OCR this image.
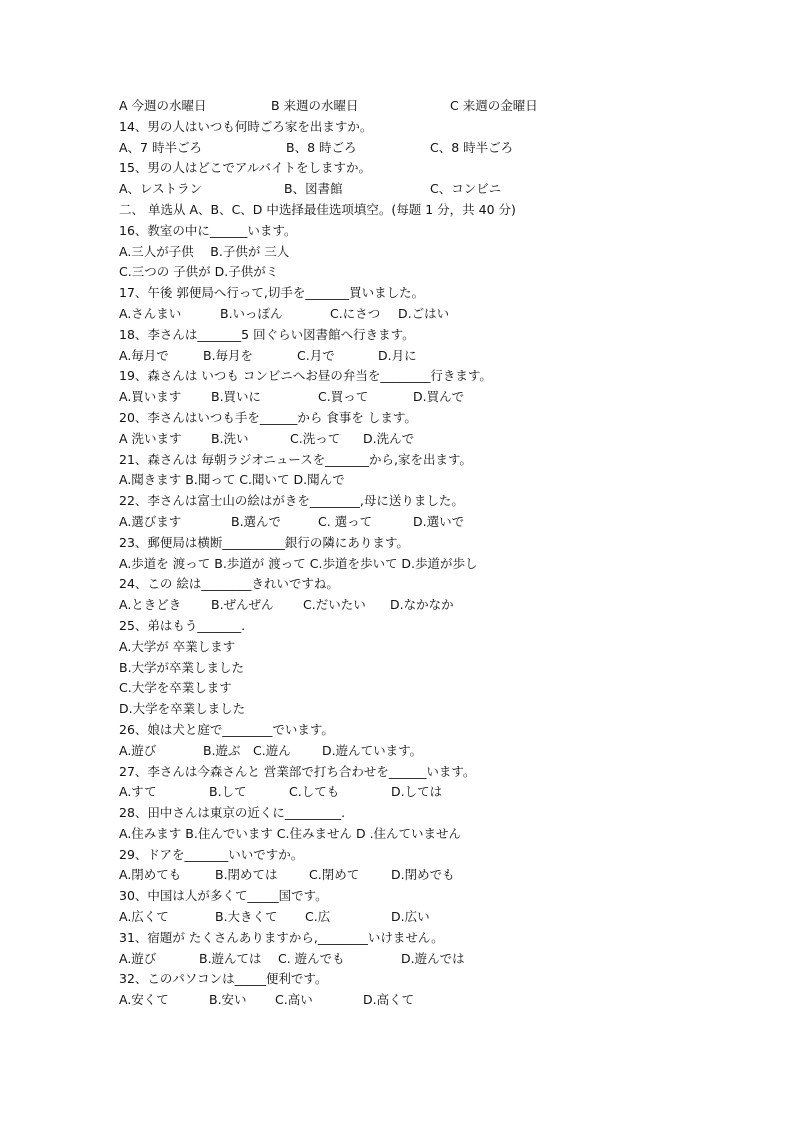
A 今週の水曜日	B 来週の水曜日	C 来週の金曜日
14、男の人はいつも何時ごろ家を出ますか。
A、7 時半ごろ	B、8 時ごろ	C、8 時半ごろ
15、男の人はどこでアルバイトをしますか。
A、レストラン	B、図書館	C、コンビニ
二、 单选从 A、B、C、D 中选择最佳选项填空。(每题 1 分，共 40 分)
16、教室の中に______います。
A.三人が子供　 B.子供が 三人
C.三つの 子供が D.子供がミ
17、午後 郭便局へ行って,切手を_______買いました。
A.さんまい	B.いっぽん	C.にさつ D.ごはい
18、李さんは_______5 回ぐらい図書館へ行きます。
A.毎月で	B.毎月を	C.月で	D.月に
19、森さんは いつも コンビニへお昼の弁当を________行きます。
A.買います B.買いに	C.買って	D.買んで
20、李さんはいつも手を______から 食事を します。
A 洗います B.洗い	C.洗って D.洗んで
21、森さんは 毎朝ラジオニュースを_______から,家を出ます。
A.聞きます B.聞って C.聞いて D.聞んで
22、李さんは富士山の絵はがきを________,母に送りました。
A.選びます	B.選んで	C. 選って	D.選いで
23、郵便局は横断__________銀行の隣にあります。
A.歩道を 渡って B.歩道が 渡って C.歩道を歩いて D.歩道が歩し
24、この 絵は________きれいですね。
A.ときどき B.ぜんぜん C.だいたい D.なかなか
25、弟はもう_______.
A.大学が 卒業します
B.大学が卒業しました
C.大学を卒業します
D.大学を卒業しました
26、娘は犬と庭で________でいます。
A.遊び	B.遊ぶ C.遊ん	D.遊んています。
27、李さんは今森さんと 営業部で打ち合わせを______います。
A.すて	B.して	C.しても	D.しては
28、田中さんは東京の近くに_________.
A.住みます B.住んでいます C.住みません D .住んていません
29、ドアを_______いいですか。
A.閉めても	B.閉めては	C.閉めて	D.閉めでも
30、中国は人が多くて_____国です。
A.広くて	B.大きくて C.広	D.広い
31、宿題が たくさんありますから,________いけません。
A.遊び	B.遊んては C. 遊んでも	D.遊んでは
32、このパソコンは_____便利です。
A.安くて	B.安い C.高い	D.高くて
